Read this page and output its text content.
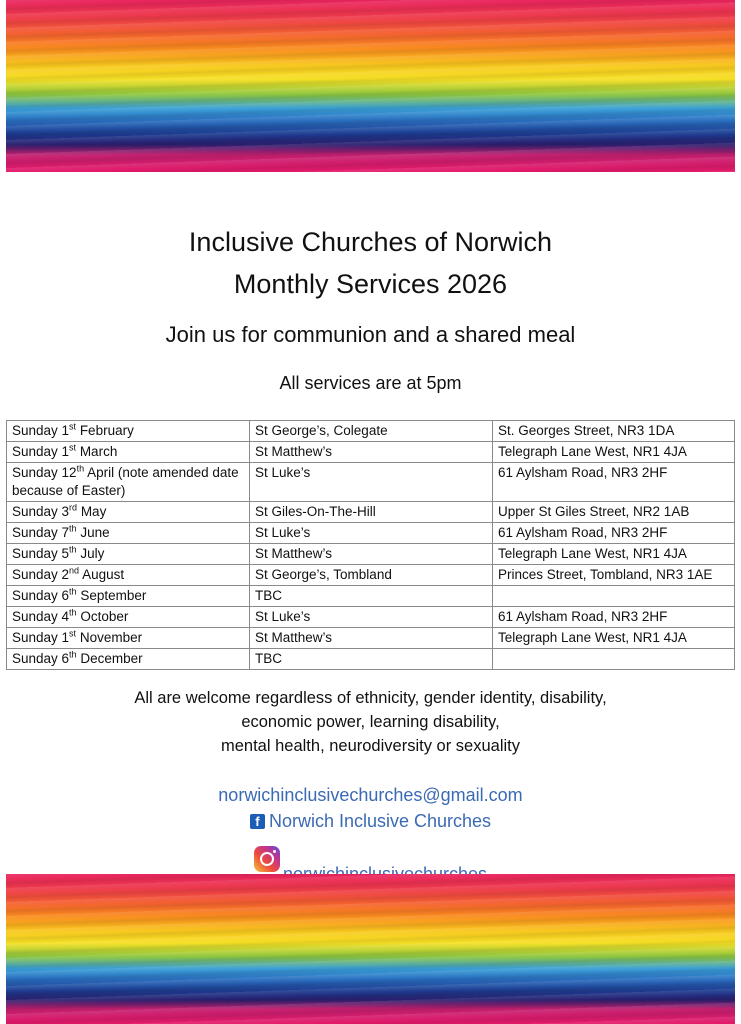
Inclusive Churches of Norwich
Monthly Services 2026
Join us for communion and a shared meal
All services are at 5pm
Sunday 1st February	St George’s, Colegate	St. Georges Street, NR3 1DA
Sunday 1st March	St Matthew’s	Telegraph Lane West, NR1 4JA
Sunday 12th April (note amended date because of Easter)	St Luke’s	61 Aylsham Road, NR3 2HF
Sunday 3rd May	St Giles-On-The-Hill	Upper St Giles Street, NR2 1AB
Sunday 7th June	St Luke’s	61 Aylsham Road, NR3 2HF
Sunday 5th July	St Matthew’s	Telegraph Lane West, NR1 4JA
Sunday 2nd August	St George’s, Tombland	Princes Street, Tombland, NR3 1AE
Sunday 6th September	TBC	
Sunday 4th October	St Luke’s	61 Aylsham Road, NR3 2HF
Sunday 1st November	St Matthew’s	Telegraph Lane West, NR1 4JA
Sunday 6th December	TBC	
All are welcome regardless of ethnicity, gender identity, disability,
economic power, learning disability,
mental health, neurodiversity or sexuality
norwichinclusivechurches@gmail.com
f Norwich Inclusive Churches
